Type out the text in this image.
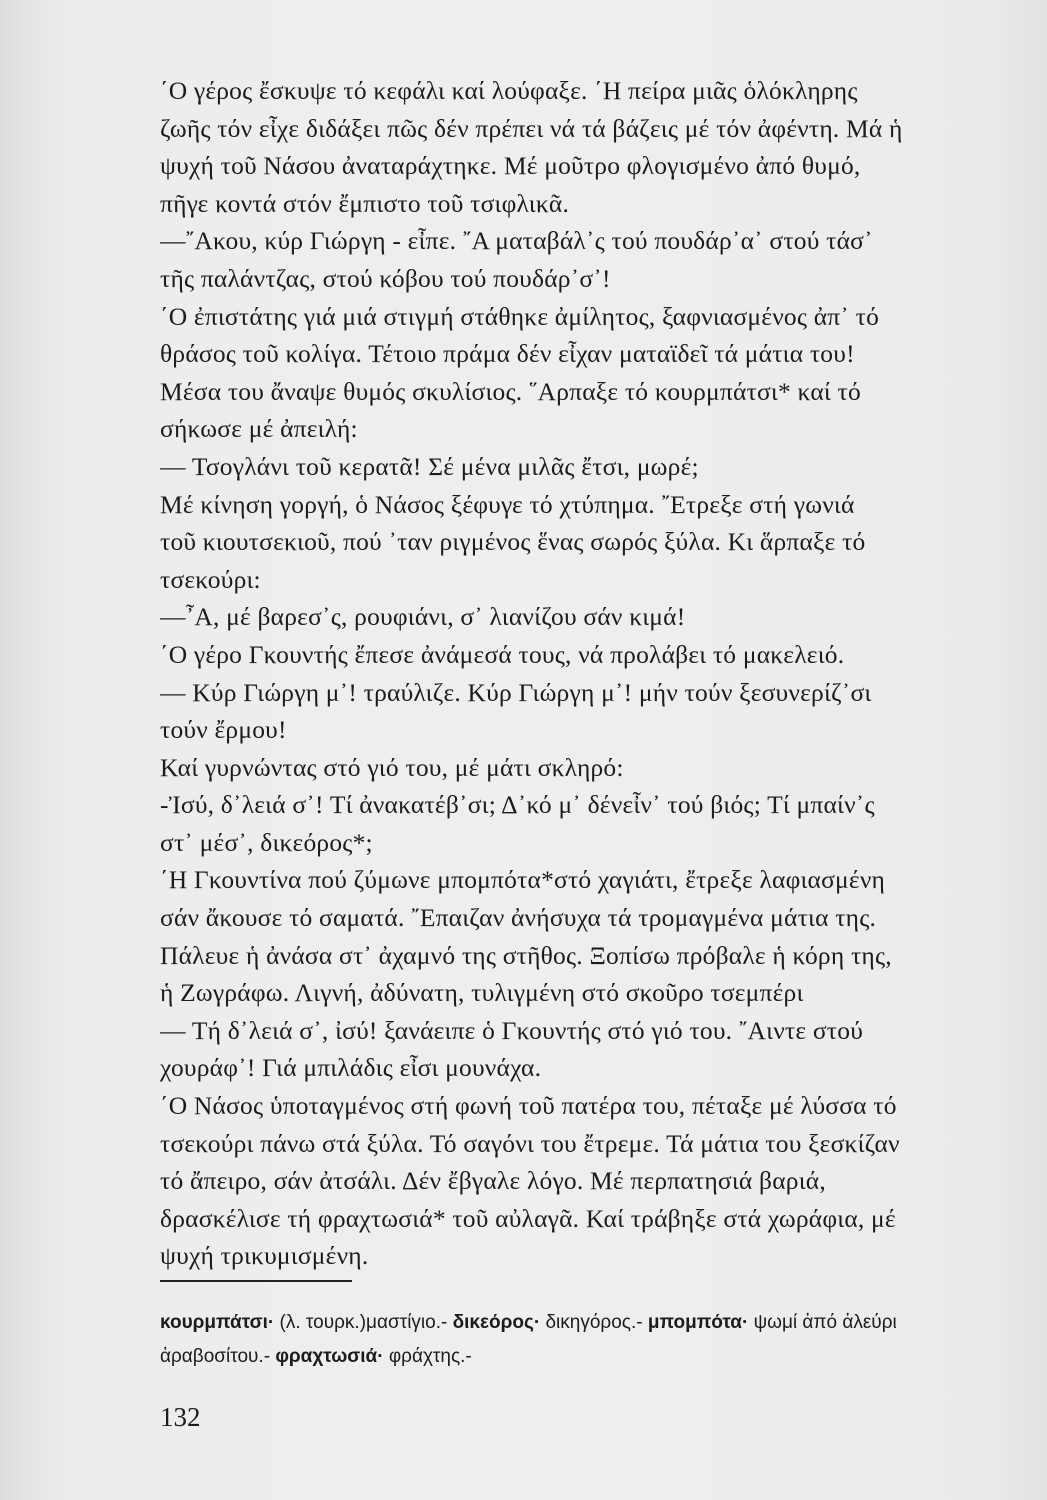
΄Ο γέρος ἔσκυψε τό κεφάλι καί λούφαξε. ΄Η πείρα μιᾶς ὁλόκληρης
ζωῆς τόν εἶχε διδάξει πῶς δέν πρέπει νά τά βάζεις μέ τόν ἀφέντη. Μά ἡ
ψυχή τοῦ Νάσου ἀναταράχτηκε. Μέ μοῦτρο φλογισμένο ἀπό θυμό,
πῆγε κοντά στόν ἔμπιστο τοῦ τσιφλικᾶ.
—῎Ακου, κύρ Γιώργη - εἶπε. ῎Α ματαβάλ᾽ς τού πουδάρ᾽α᾽ στού τάσ᾽
τῆς παλάντζας, στού κόβου τού πουδάρ᾽σ᾽!
΄Ο ἐπιστάτης γιά μιά στιγμή στάθηκε ἀμίλητος, ξαφνιασμένος ἀπ᾽ τό
θράσος τοῦ κολίγα. Τέτοιο πράμα δέν εἶχαν ματαϊδεῖ τά μάτια του!
Μέσα του ἄναψε θυμός σκυλίσιος. ῞Αρπαξε τό κουρμπάτσι* καί τό
σήκωσε μέ ἀπειλή:
— Τσογλάνι τοῦ κερατᾶ! Σέ μένα μιλᾶς ἔτσι, μωρέ;
Μέ κίνηση γοργή, ὁ Νάσος ξέφυγε τό χτύπημα. ῎Ετρεξε στή γωνιά
τοῦ κιουτσεκιοῦ, πού ᾽ταν ριγμένος ἕνας σωρός ξύλα. Κι ἅρπαξε τό
τσεκούρι:
—῏Α, μέ βαρεσ᾽ς, ρουφιάνι, σ᾽ λιανίζου σάν κιμά!
΄Ο γέρο Γκουντής ἔπεσε ἀνάμεσά τους, νά προλάβει τό μακελειό.
— Κύρ Γιώργη μ᾽! τραύλιζε. Κύρ Γιώργη μ᾽! μήν τούν ξεσυνερίζ᾽σι
τούν ἔρμου!
Καί γυρνώντας στό γιό του, μέ μάτι σκληρό:
-Ἰσύ, δ᾽λειά σ᾽! Τί ἀνακατέβ᾽σι; Δ᾽κό μ᾽ δένεἶν᾽ τού βιός; Τί μπαίν᾽ς
στ᾽ μέσ᾽, δικεόρος*;
΄Η Γκουντίνα πού ζύμωνε μπομπότα*στό χαγιάτι, ἔτρεξε λαφιασμένη
σάν ἄκουσε τό σαματά. ῎Επαιζαν ἀνήσυχα τά τρομαγμένα μάτια της.
Πάλευε ἡ ἀνάσα στ᾽ ἀχαμνό της στῆθος. Ξοπίσω πρόβαλε ἡ κόρη της,
ἡ Ζωγράφω. Λιγνή, ἀδύνατη, τυλιγμένη στό σκοῦρο τσεμπέρι
— Τή δ᾽λειά σ᾽, ἰσύ! ξανάειπε ὁ Γκουντής στό γιό του. ῎Αιντε στού
χουράφ᾽! Γιά μπιλάδις εἶσι μουνάχα.
΄Ο Νάσος ὑποταγμένος στή φωνή τοῦ πατέρα του, πέταξε μέ λύσσα τό
τσεκούρι πάνω στά ξύλα. Τό σαγόνι του ἔτρεμε. Τά μάτια του ξεσκίζαν
τό ἄπειρο, σάν ἀτσάλι. Δέν ἔβγαλε λόγο. Μέ περπατησιά βαριά,
δρασκέλισε τή φραχτωσιά* τοῦ αὐλαγᾶ. Καί τράβηξε στά χωράφια, μέ
ψυχή τρικυμισμένη.
κουρμπάτσι· (λ. τουρκ.)μαστίγιο.- δικεόρος· δικηγόρος.- μπομπότα· ψωμί ἀπό ἀλεύρι
ἀραβοσίτου.- φραχτωσιά· φράχτης.-
132
